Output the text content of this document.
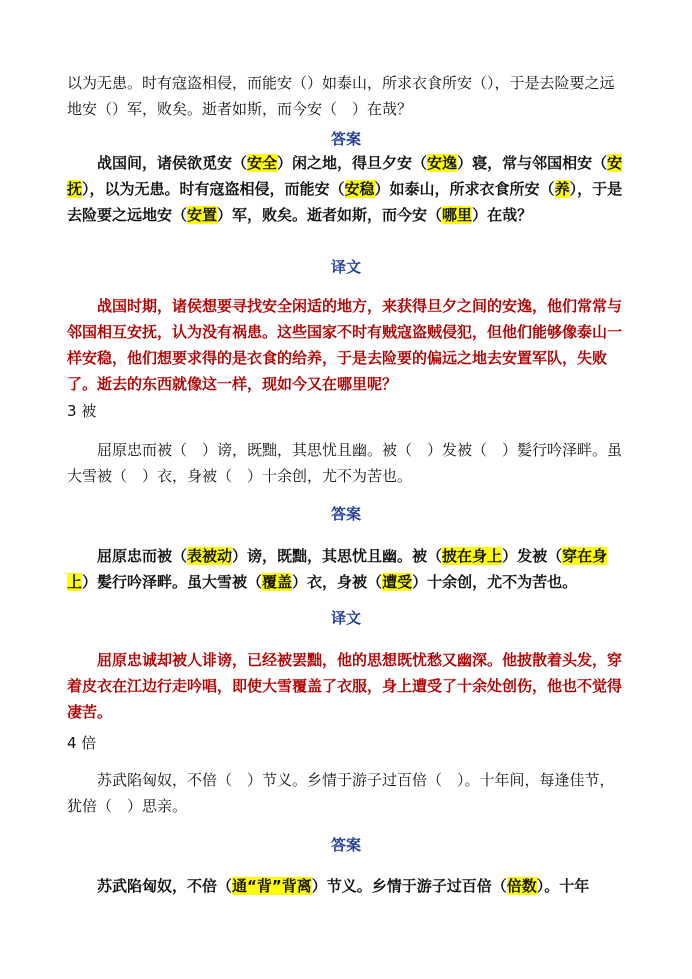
以为无患。时有寇盗相侵，而能安（）如泰山，所求衣食所安（），于是去险要之远地安（）军，败矣。逝者如斯，而今安（　）在哉？

答案

战国间，诸侯欲觅安（安全）闲之地，得旦夕安（安逸）寝，常与邻国相安（安抚），以为无患。时有寇盗相侵，而能安（安稳）如泰山，所求衣食所安（养），于是去险要之远地安（安置）军，败矣。逝者如斯，而今安（哪里）在哉？

译文

战国时期，诸侯想要寻找安全闲适的地方，来获得旦夕之间的安逸，他们常常与邻国相互安抚，认为没有祸患。这些国家不时有贼寇盗贼侵犯，但他们能够像泰山一样安稳，他们想要求得的是衣食的给养，于是去险要的偏远之地去安置军队，失败了。逝去的东西就像这一样，现如今又在哪里呢？

3 被

屈原忠而被（　）谤，既黜，其思忧且幽。被（　）发被（　）髪行吟泽畔。虽大雪被（　）衣，身被（　）十余创，尤不为苦也。

答案

屈原忠而被（表被动）谤，既黜，其思忧且幽。被（披在身上）发被（穿在身上）髪行吟泽畔。虽大雪被（覆盖）衣，身被（遭受）十余创，尤不为苦也。

译文

屈原忠诚却被人诽谤，已经被罢黜，他的思想既忧愁又幽深。他披散着头发，穿着皮衣在江边行走吟唱，即使大雪覆盖了衣服，身上遭受了十余处创伤，他也不觉得凄苦。

4 倍

苏武陷匈奴，不倍（　）节义。乡情于游子过百倍（　）。十年间，每逢佳节，犹倍（　）思亲。

答案

苏武陷匈奴，不倍（通“背”背离）节义。乡情于游子过百倍（倍数）。十年
